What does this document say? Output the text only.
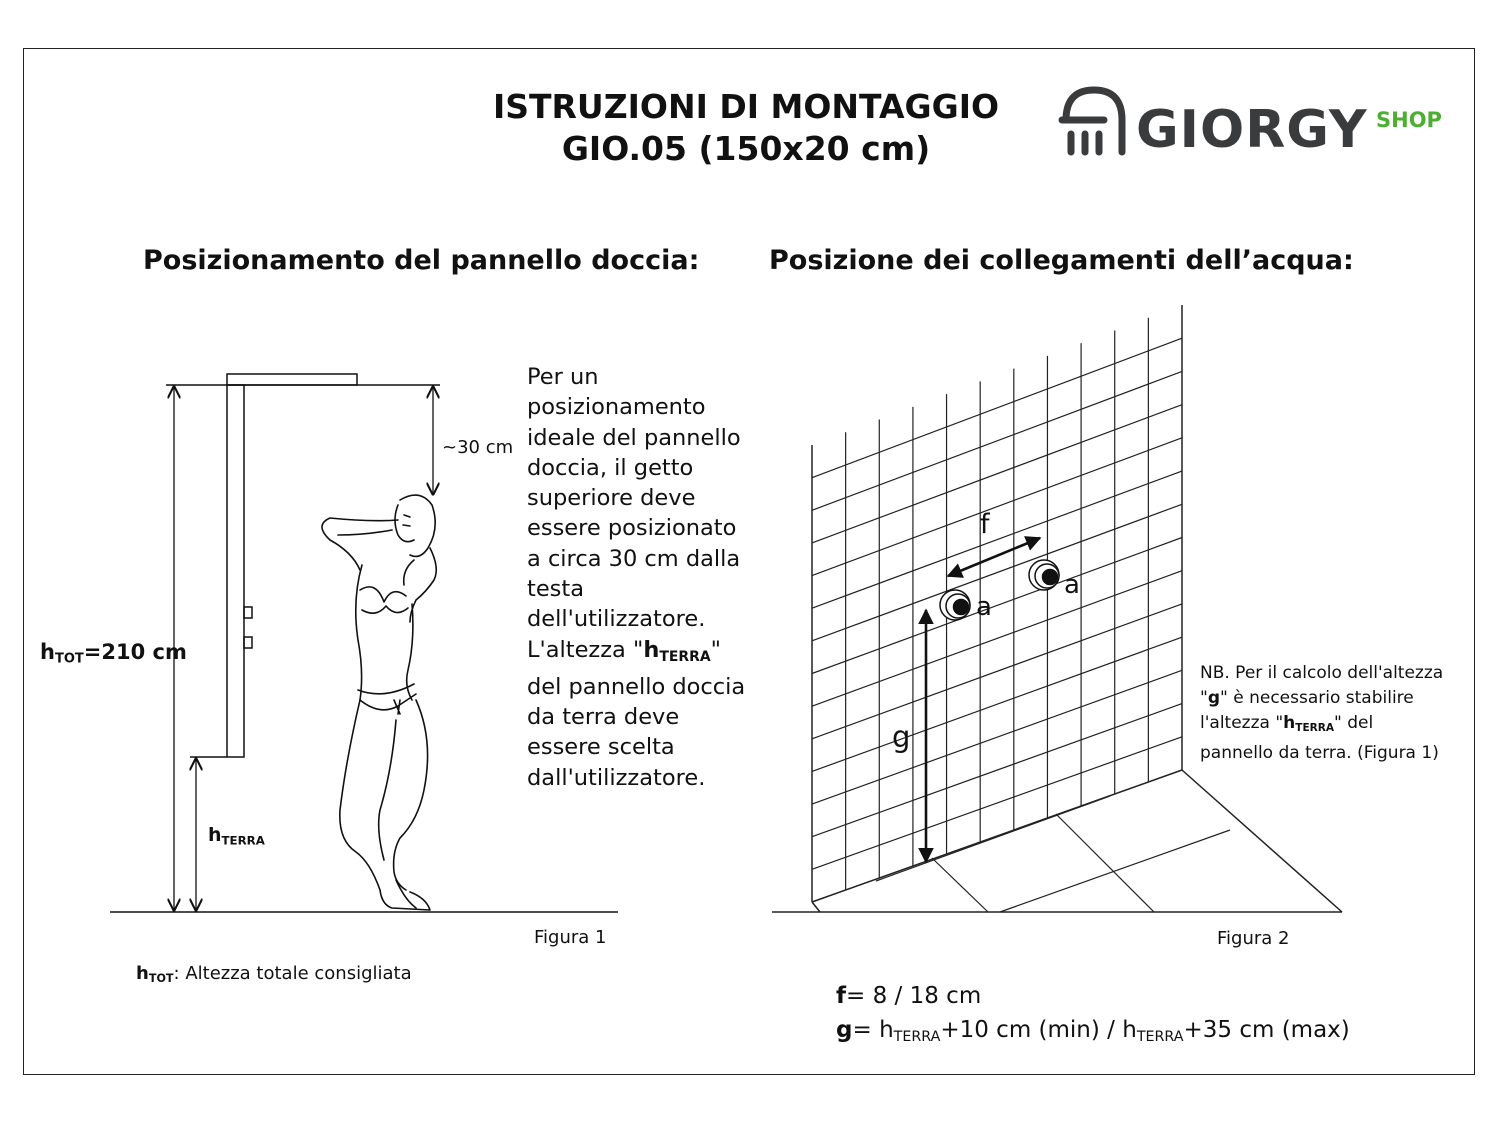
ISTRUZIONI DI MONTAGGIO
GIO.05 (150x20 cm)	GIORGY SHOP
Posizionamento del pannello doccia:	Posizione dei collegamenti dell’acqua:
~30 cm
$h_{TOT}=210$ cm
$h_{TERRA}$
Figura 1
$h_{TOT}$: Altezza totale consigliata
Per un
posizionamento
ideale del pannello
doccia, il getto
superiore deve
essere posizionato
a circa 30 cm dalla
testa
dell'utilizzatore.
L'altezza "$h_{TERRA}$"
del pannello doccia
da terra deve
essere scelta
dall'utilizzatore.
f
g
a
a
NB. Per il calcolo dell'altezza
"g" è necessario stabilire
l'altezza "$h_{TERRA}$" del
pannello da terra. (Figura 1)
Figura 2
f= 8 / 18 cm
$g= h_{TERRA}+10$ cm $(\min) / h_{TERRA}+35$ cm (max)
